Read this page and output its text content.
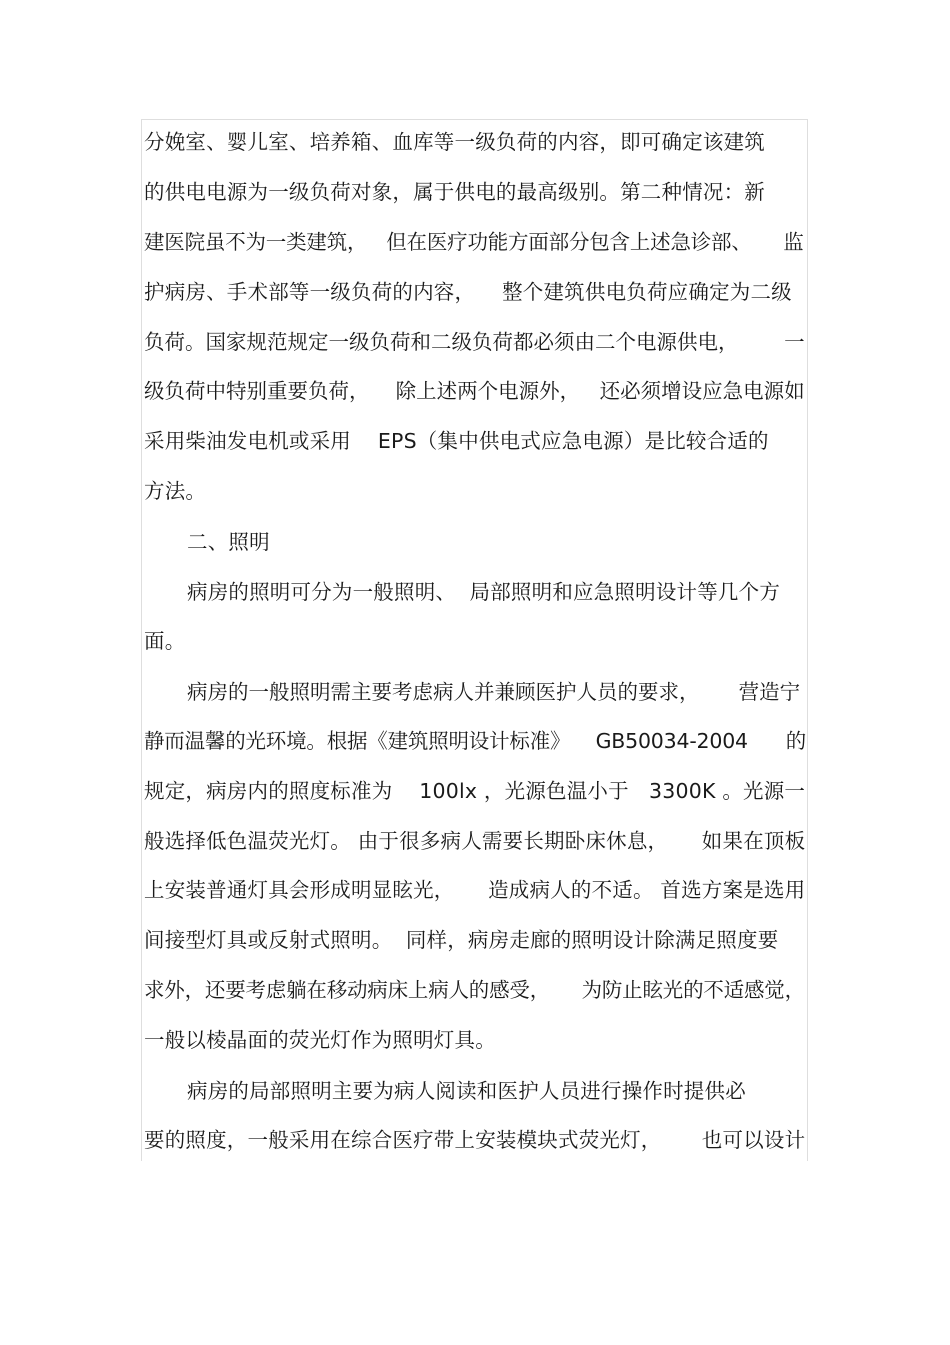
分娩室、婴儿室、培养箱、血库等一级负荷的内容，即可确定该建筑
的供电电源为一级负荷对象，属于供电的最高级别。第二种情况：新
建医院虽不为一类建筑，   但在医疗功能方面部分包含上述急诊部、     监
护病房、手术部等一级负荷的内容，    整个建筑供电负荷应确定为二级
负荷。国家规范规定一级负荷和二级负荷都必须由二个电源供电，       一
级负荷中特别重要负荷，    除上述两个电源外，   还必须增设应急电源如
采用柴油发电机或采用    EPS（集中供电式应急电源）是比较合适的
方法。
二、照明
病房的照明可分为一般照明、  局部照明和应急照明设计等几个方
面。
病房的一般照明需主要考虑病人并兼顾医护人员的要求，      营造宁
静而温馨的光环境。根据《建筑照明设计标准》    GB50034-2004      的
规定，病房内的照度标准为    100lx ，光源色温小于   3300K 。光源一
般选择低色温荧光灯。 由于很多病人需要长期卧床休息，     如果在顶板
上安装普通灯具会形成明显眩光，     造成病人的不适。 首选方案是选用
间接型灯具或反射式照明。  同样，病房走廊的照明设计除满足照度要
求外，还要考虑躺在移动病床上病人的感受，     为防止眩光的不适感觉，
一般以棱晶面的荧光灯作为照明灯具。
病房的局部照明主要为病人阅读和医护人员进行操作时提供必
要的照度，一般采用在综合医疗带上安装模块式荧光灯，      也可以设计
